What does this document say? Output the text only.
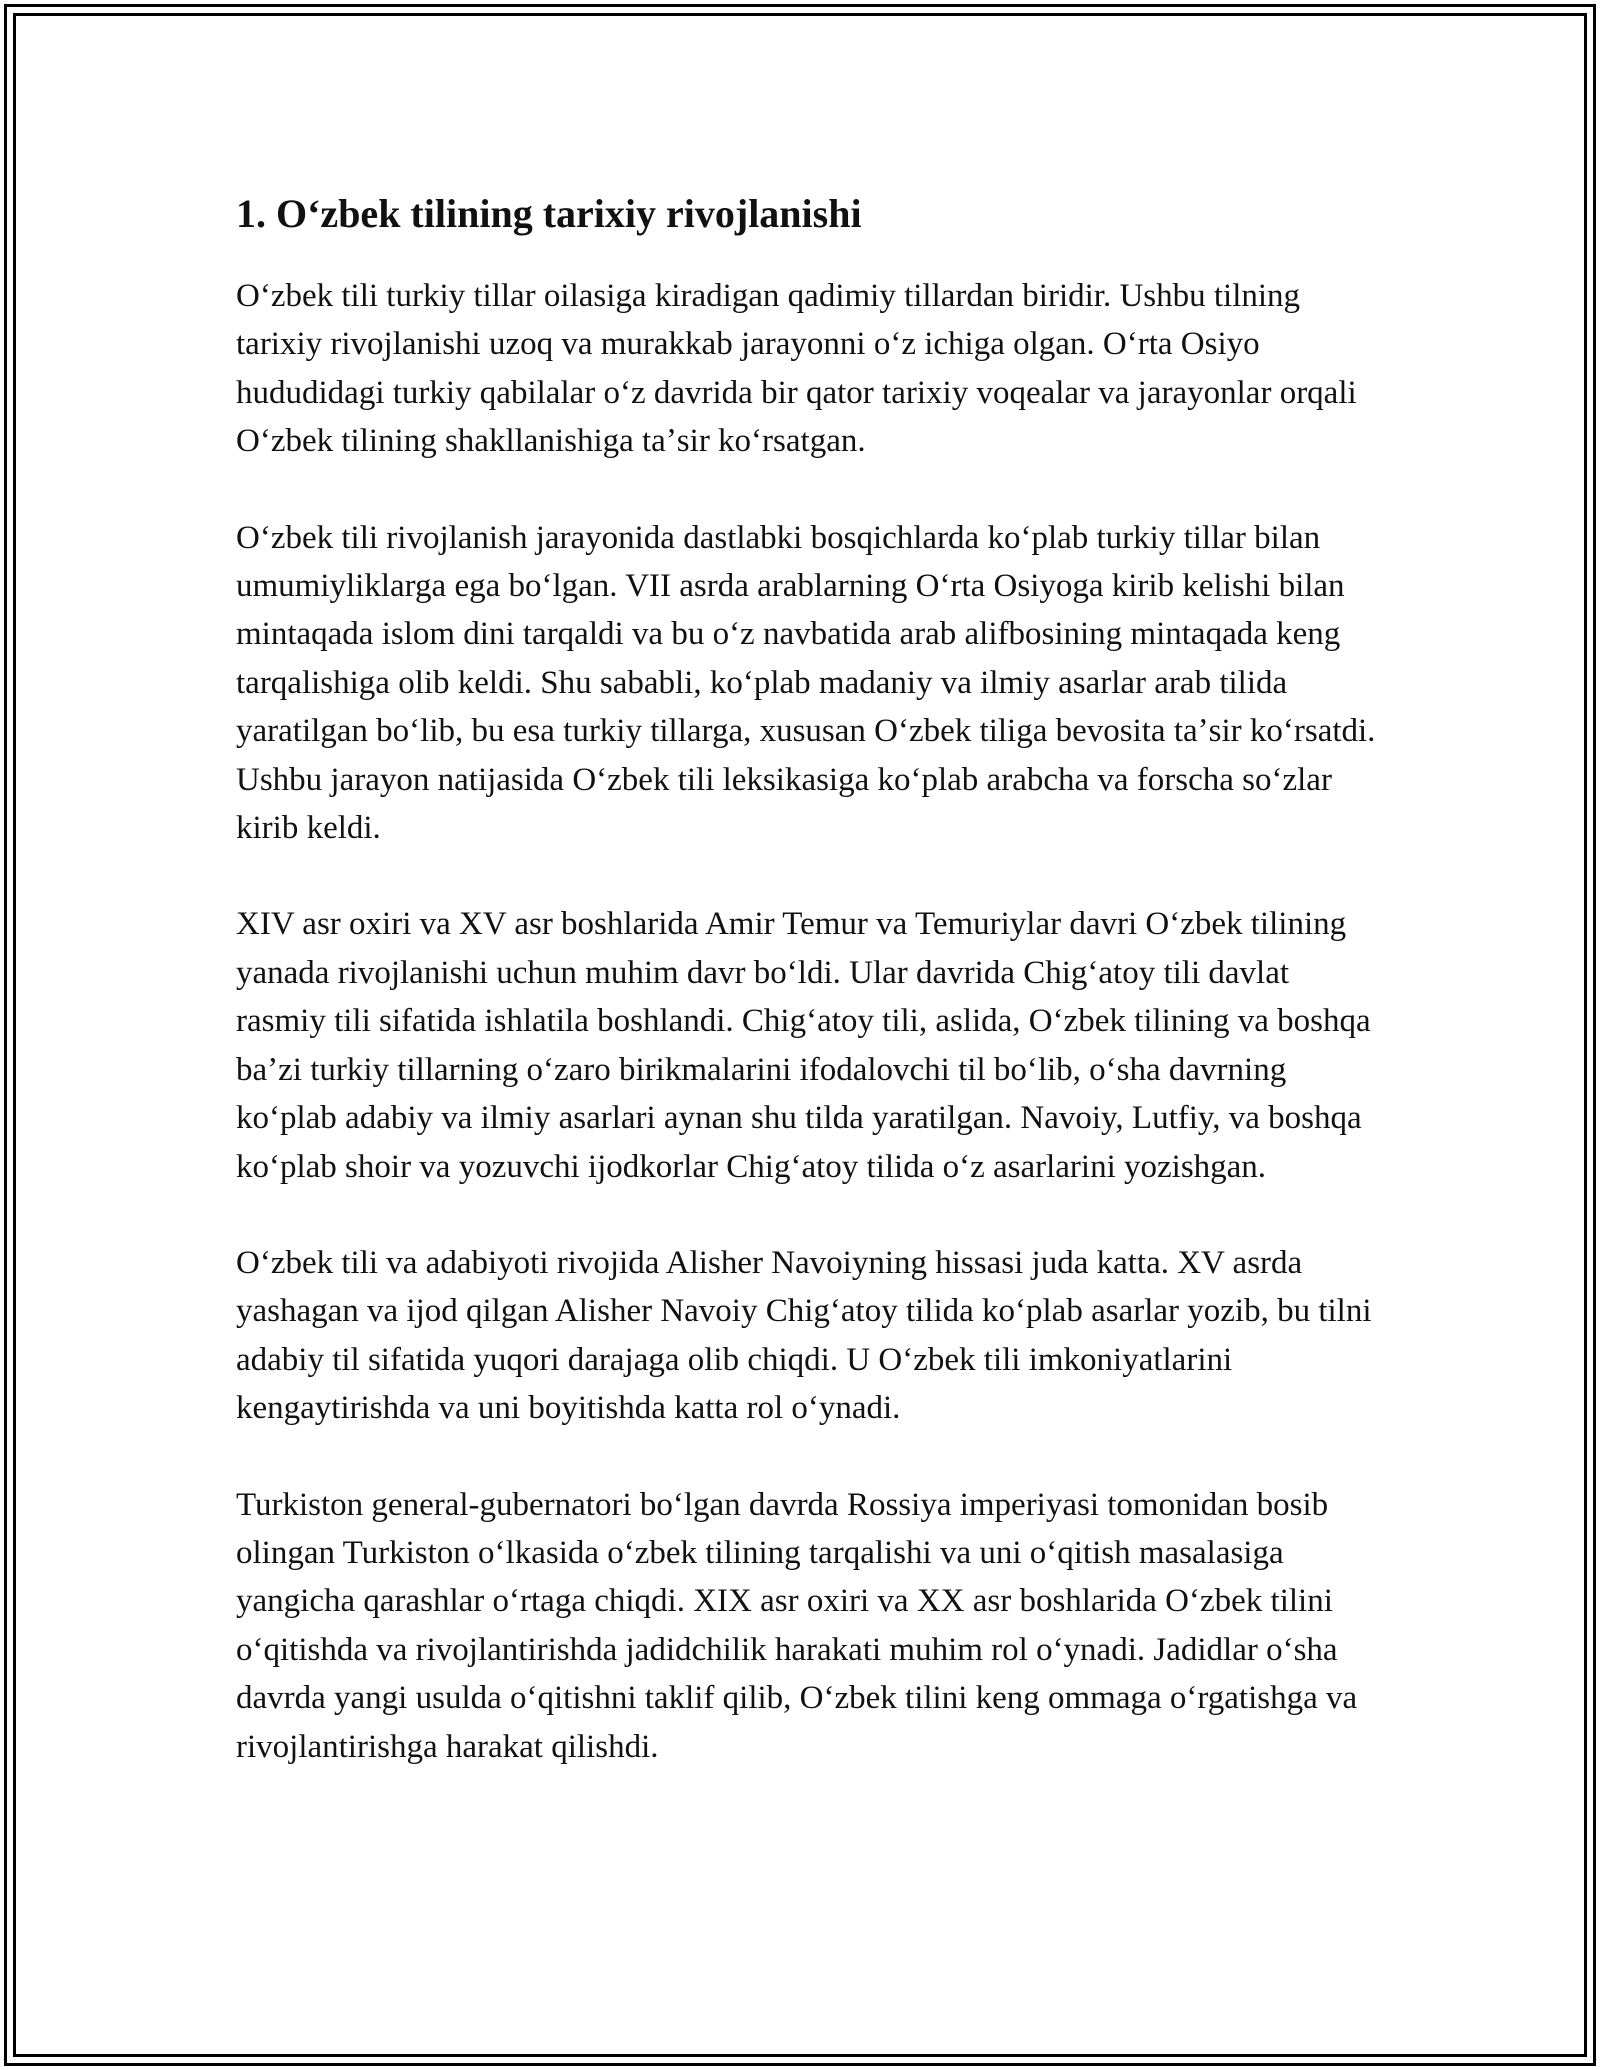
1. Oʻzbek tilining tarixiy rivojlanishi

Oʻzbek tili turkiy tillar oilasiga kiradigan qadimiy tillardan biridir. Ushbu tilning tarixiy rivojlanishi uzoq va murakkab jarayonni oʻz ichiga olgan. Oʻrta Osiyo hududidagi turkiy qabilalar oʻz davrida bir qator tarixiy voqealar va jarayonlar orqali Oʻzbek tilining shakllanishiga taʼsir koʻrsatgan.

Oʻzbek tili rivojlanish jarayonida dastlabki bosqichlarda koʻplab turkiy tillar bilan umumiyliklarga ega boʻlgan. VII asrda arablarning Oʻrta Osiyoga kirib kelishi bilan mintaqada islom dini tarqaldi va bu oʻz navbatida arab alifbosining mintaqada keng tarqalishiga olib keldi. Shu sababli, koʻplab madaniy va ilmiy asarlar arab tilida yaratilgan boʻlib, bu esa turkiy tillarga, xususan Oʻzbek tiliga bevosita taʼsir koʻrsatdi. Ushbu jarayon natijasida Oʻzbek tili leksikasiga koʻplab arabcha va forscha soʻzlar kirib keldi.

XIV asr oxiri va XV asr boshlarida Amir Temur va Temuriylar davri Oʻzbek tilining yanada rivojlanishi uchun muhim davr boʻldi. Ular davrida Chigʻatoy tili davlat rasmiy tili sifatida ishlatila boshlandi. Chigʻatoy tili, aslida, Oʻzbek tilining va boshqa baʼzi turkiy tillarning oʻzaro birikmalarini ifodalovchi til boʻlib, oʻsha davrning koʻplab adabiy va ilmiy asarlari aynan shu tilda yaratilgan. Navoiy, Lutfiy, va boshqa koʻplab shoir va yozuvchi ijodkorlar Chigʻatoy tilida oʻz asarlarini yozishgan.

Oʻzbek tili va adabiyoti rivojida Alisher Navoiyning hissasi juda katta. XV asrda yashagan va ijod qilgan Alisher Navoiy Chigʻatoy tilida koʻplab asarlar yozib, bu tilni adabiy til sifatida yuqori darajaga olib chiqdi. U Oʻzbek tili imkoniyatlarini kengaytirishda va uni boyitishda katta rol oʻynadi.

Turkiston general-gubernatori boʻlgan davrda Rossiya imperiyasi tomonidan bosib olingan Turkiston oʻlkasida oʻzbek tilining tarqalishi va uni oʻqitish masalasiga yangicha qarashlar oʻrtaga chiqdi. XIX asr oxiri va XX asr boshlarida Oʻzbek tilini oʻqitishda va rivojlantirishda jadidchilik harakati muhim rol oʻynadi. Jadidlar oʻsha davrda yangi usulda oʻqitishni taklif qilib, Oʻzbek tilini keng ommaga oʻrgatishga va rivojlantirishga harakat qilishdi.
